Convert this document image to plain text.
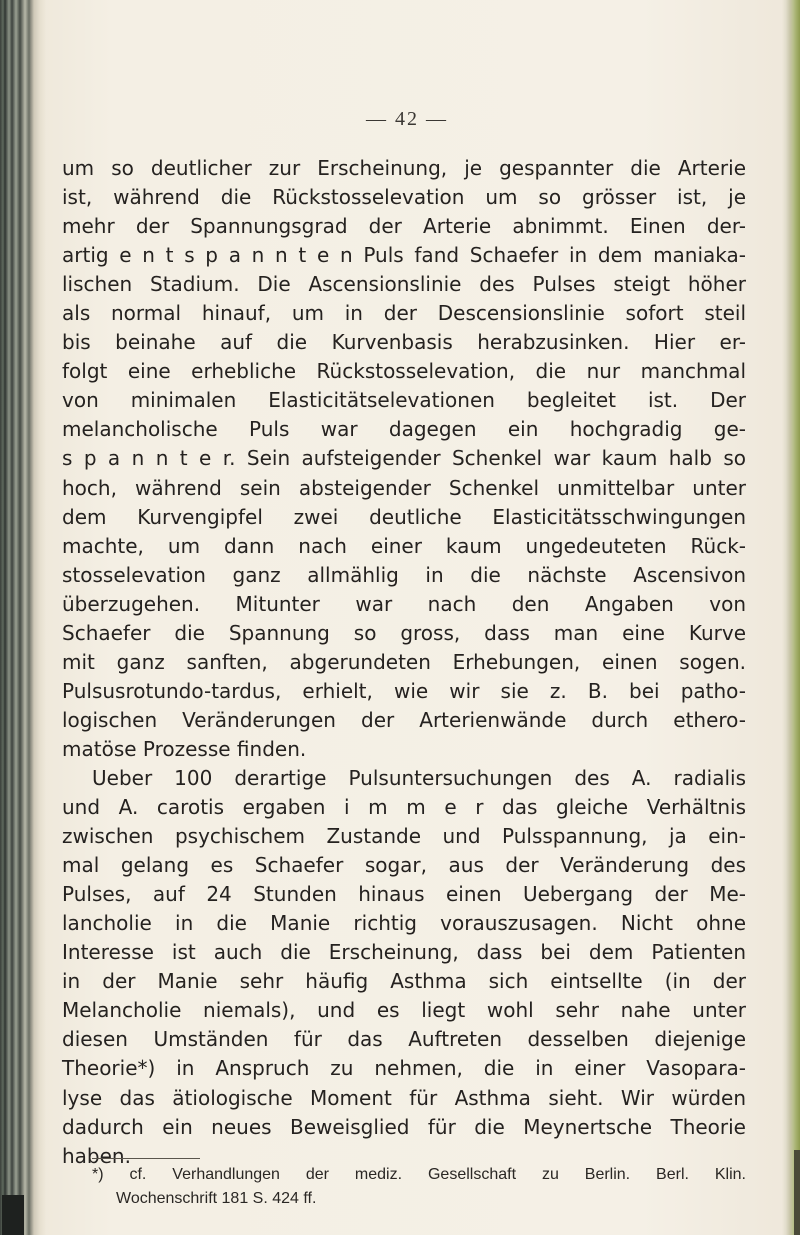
— 42 —
um so deutlicher zur Erscheinung, je gespannter die Arterie
ist, während die Rückstosselevation um so grösser ist, je
mehr der Spannungsgrad der Arterie abnimmt. Einen der-
artig e n t s p a n n t e n Puls fand Schaefer in dem maniaka-
lischen Stadium. Die Ascensionslinie des Pulses steigt höher
als normal hinauf, um in der Descensionslinie sofort steil
bis beinahe auf die Kurvenbasis herabzusinken. Hier er-
folgt eine erhebliche Rückstosselevation, die nur manchmal
von minimalen Elasticitätselevationen begleitet ist. Der
melancholische Puls war dagegen ein hochgradig ge-
s p a n n t e r. Sein aufsteigender Schenkel war kaum halb so
hoch, während sein absteigender Schenkel unmittelbar unter
dem Kurvengipfel zwei deutliche Elasticitätsschwingungen
machte, um dann nach einer kaum ungedeuteten Rück-
stosselevation ganz allmählig in die nächste Ascensivon
überzugehen. Mitunter war nach den Angaben von
Schaefer die Spannung so gross, dass man eine Kurve
mit ganz sanften, abgerundeten Erhebungen, einen sogen.
Pulsusrotundo-tardus, erhielt, wie wir sie z. B. bei patho-
logischen Veränderungen der Arterienwände durch ethero-
matöse Prozesse finden.
Ueber 100 derartige Pulsuntersuchungen des A. radialis
und A. carotis ergaben i m m e r das gleiche Verhältnis
zwischen psychischem Zustande und Pulsspannung, ja ein-
mal gelang es Schaefer sogar, aus der Veränderung des
Pulses, auf 24 Stunden hinaus einen Uebergang der Me-
lancholie in die Manie richtig vorauszusagen. Nicht ohne
Interesse ist auch die Erscheinung, dass bei dem Patienten
in der Manie sehr häufig Asthma sich eintsellte (in der
Melancholie niemals), und es liegt wohl sehr nahe unter
diesen Umständen für das Auftreten desselben diejenige
Theorie*) in Anspruch zu nehmen, die in einer Vasopara-
lyse das ätiologische Moment für Asthma sieht. Wir würden
dadurch ein neues Beweisglied für die Meynertsche Theorie
haben.
*) cf. Verhandlungen der mediz. Gesellschaft zu Berlin. Berl. Klin.
Wochenschrift 181 S. 424 ff.
